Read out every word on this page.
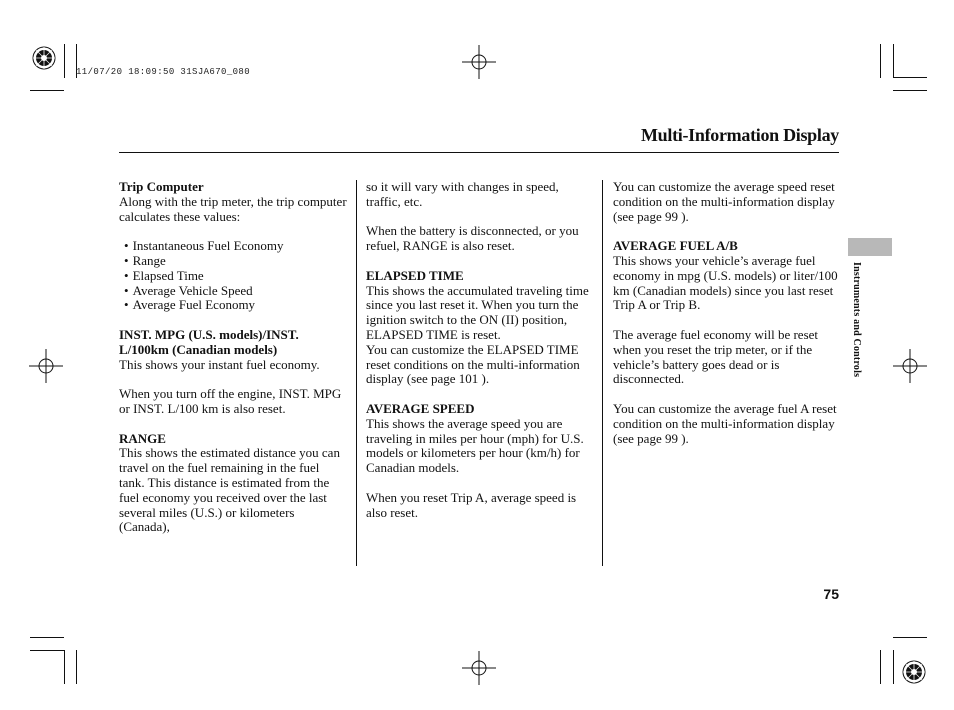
11/07/20 18:09:50 31SJA670_080
Multi-Information Display

Trip Computer

Along with the trip meter, the trip computer calculates these values:

• Instantaneous Fuel Economy
• Range
• Elapsed Time
• Average Vehicle Speed
• Average Fuel Economy

INST. MPG (U.S. models)/INST. L/100km (Canadian models)

This shows your instant fuel economy.

When you turn off the engine, INST. MPG or INST. L/100 km is also reset.

RANGE

This shows the estimated distance you can travel on the fuel remaining in the fuel tank. This distance is estimated from the fuel economy you received over the last several miles (U.S.) or kilometers (Canada),

so it will vary with changes in speed, traffic, etc.

When the battery is disconnected, or you refuel, RANGE is also reset.

ELAPSED TIME

This shows the accumulated traveling time since you last reset it. When you turn the ignition switch to the ON (II) position, ELAPSED TIME is reset.

You can customize the ELAPSED TIME reset conditions on the multi-information display (see page 101 ).

AVERAGE SPEED

This shows the average speed you are traveling in miles per hour (mph) for U.S. models or kilometers per hour (km/h) for Canadian models.

When you reset Trip A, average speed is also reset.

You can customize the average speed reset condition on the multi-information display (see page 99 ).

AVERAGE FUEL A/B

This shows your vehicle’s average fuel economy in mpg (U.S. models) or liter/100 km (Canadian models) since you last reset Trip A or Trip B.

The average fuel economy will be reset when you reset the trip meter, or if the vehicle’s battery goes dead or is disconnected.

You can customize the average fuel A reset condition on the multi-information display (see page 99 ).

Instruments and Controls
75
